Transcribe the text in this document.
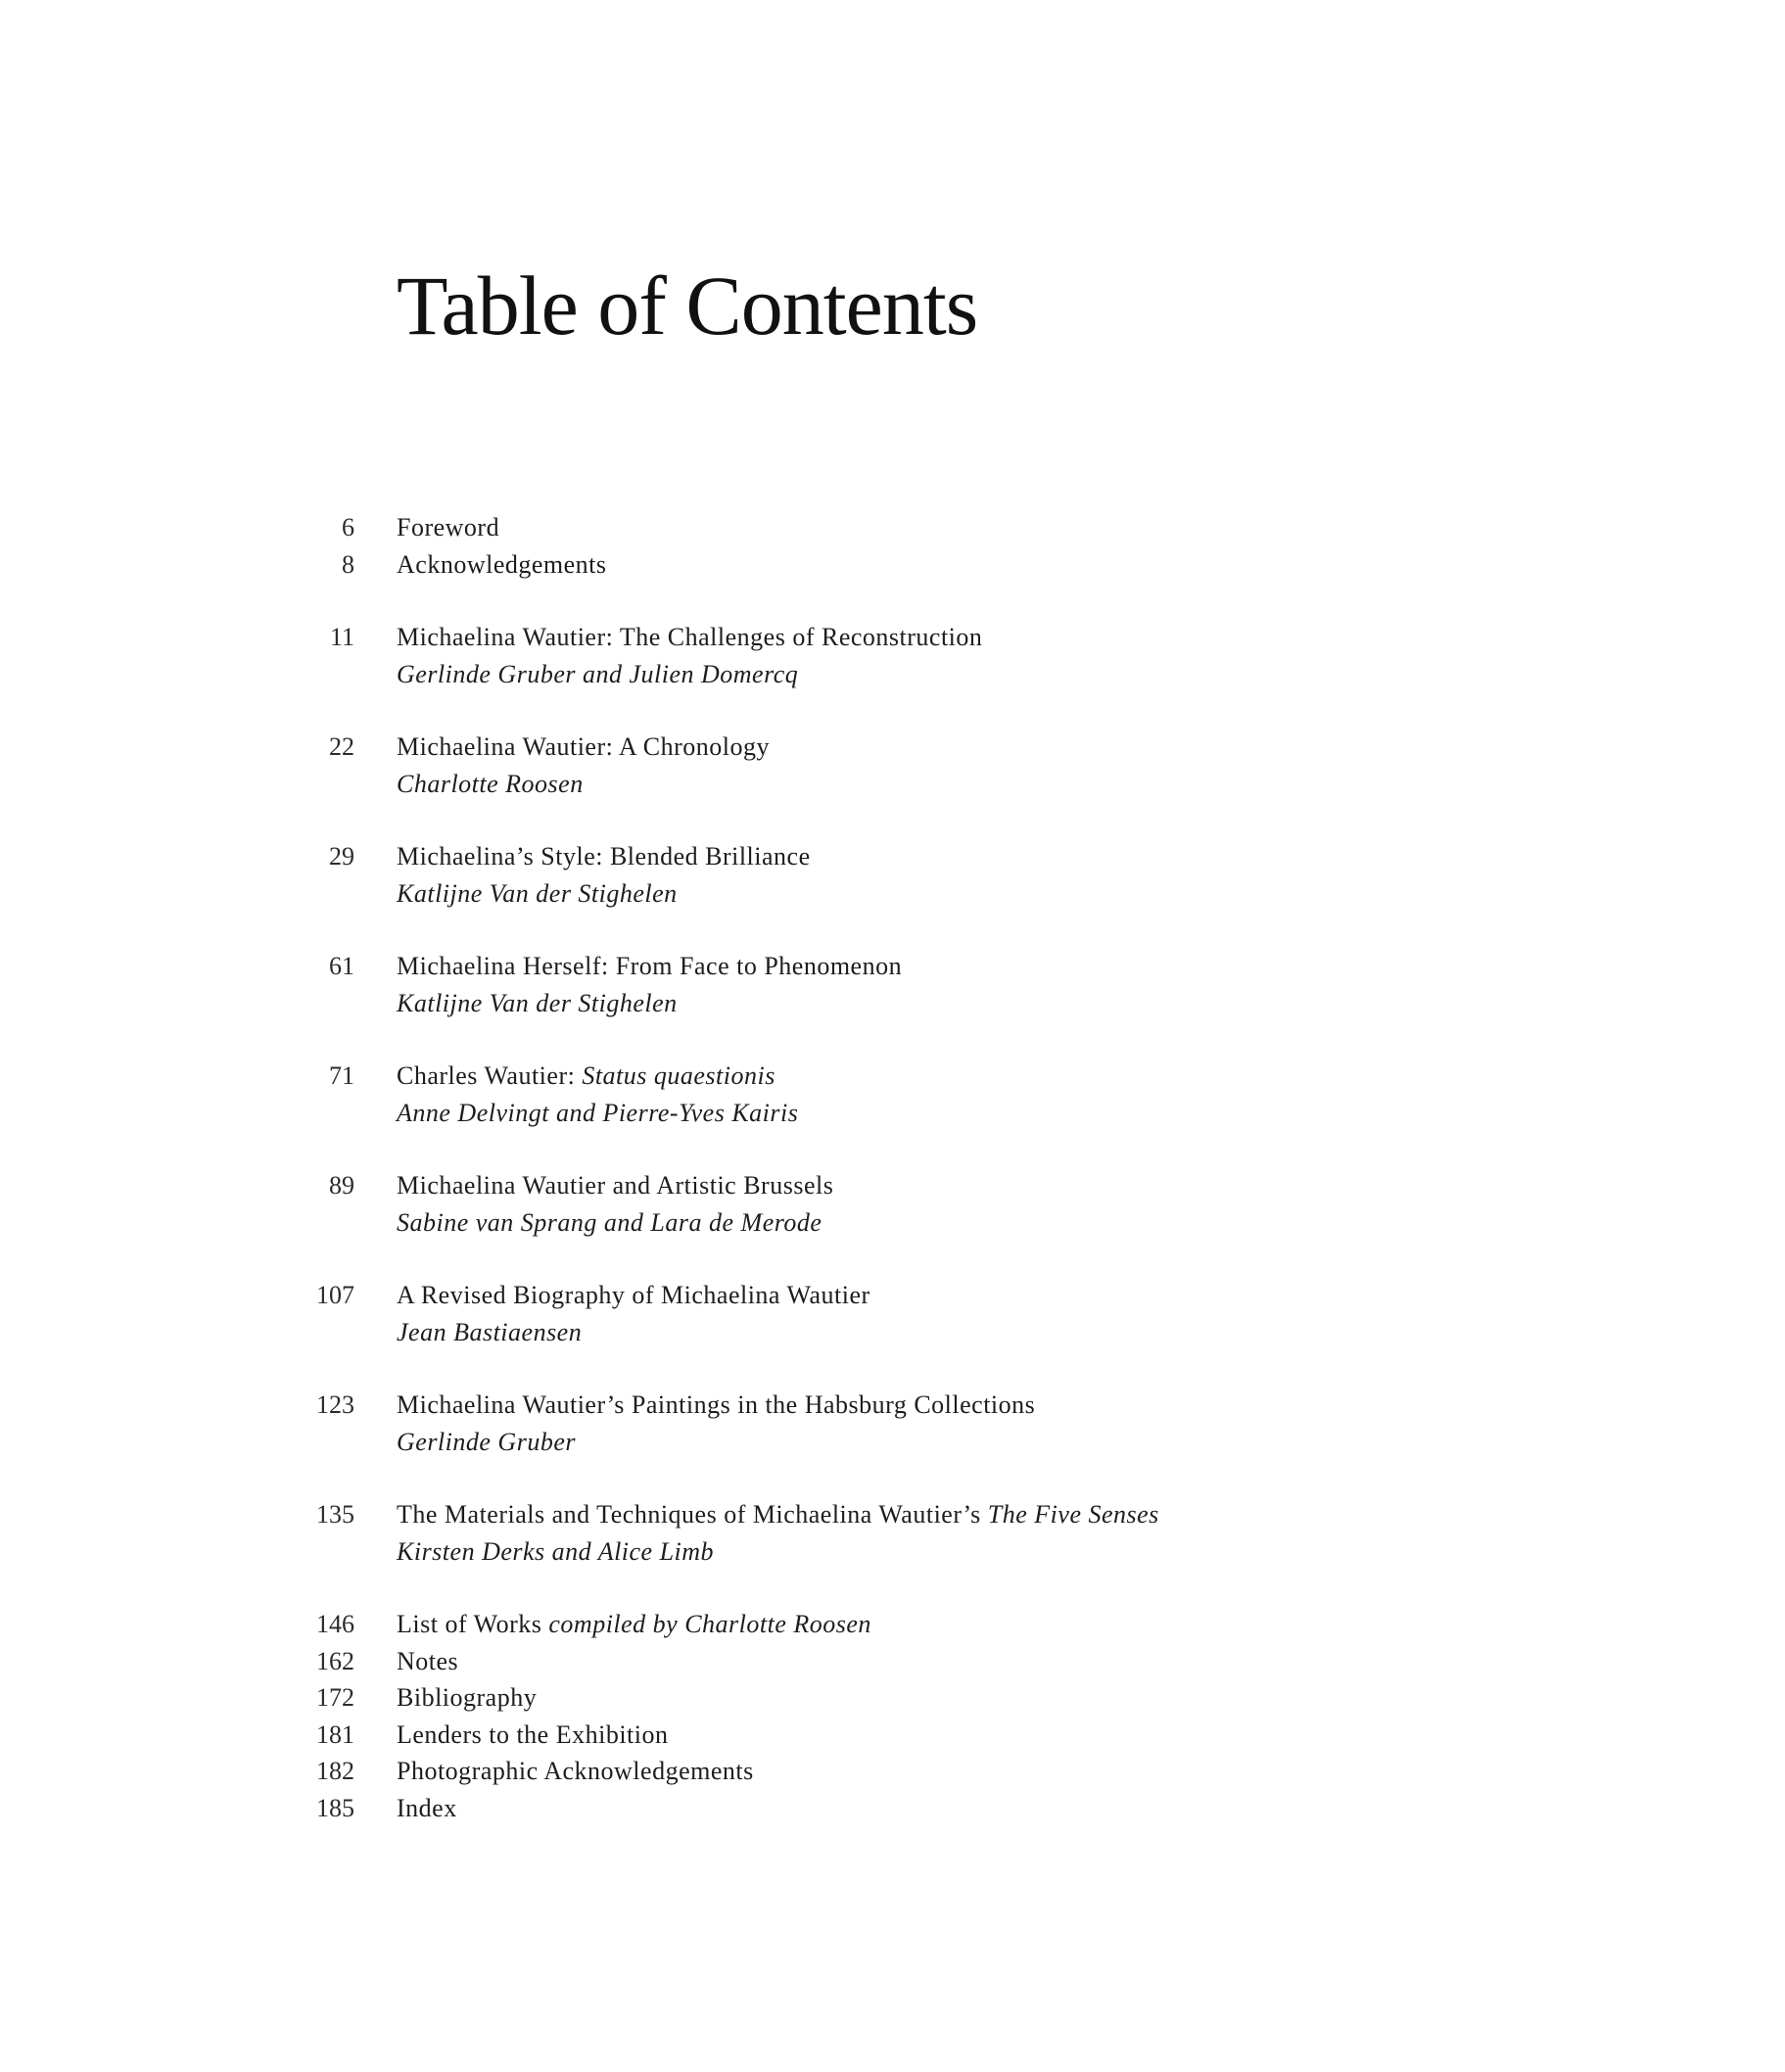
Table of Contents
6	Foreword
8	Acknowledgements
11	Michaelina Wautier: The Challenges of Reconstruction
Gerlinde Gruber and Julien Domercq
22	Michaelina Wautier: A Chronology
Charlotte Roosen
29	Michaelina’s Style: Blended Brilliance
Katlijne Van der Stighelen
61	Michaelina Herself: From Face to Phenomenon
Katlijne Van der Stighelen
71	Charles Wautier: Status quaestionis
Anne Delvingt and Pierre-Yves Kairis
89	Michaelina Wautier and Artistic Brussels
Sabine van Sprang and Lara de Merode
107	A Revised Biography of Michaelina Wautier
Jean Bastiaensen
123	Michaelina Wautier’s Paintings in the Habsburg Collections
Gerlinde Gruber
135	The Materials and Techniques of Michaelina Wautier’s The Five Senses
Kirsten Derks and Alice Limb
146	List of Works compiled by Charlotte Roosen
162	Notes
172	Bibliography
181	Lenders to the Exhibition
182	Photographic Acknowledgements
185	Index
